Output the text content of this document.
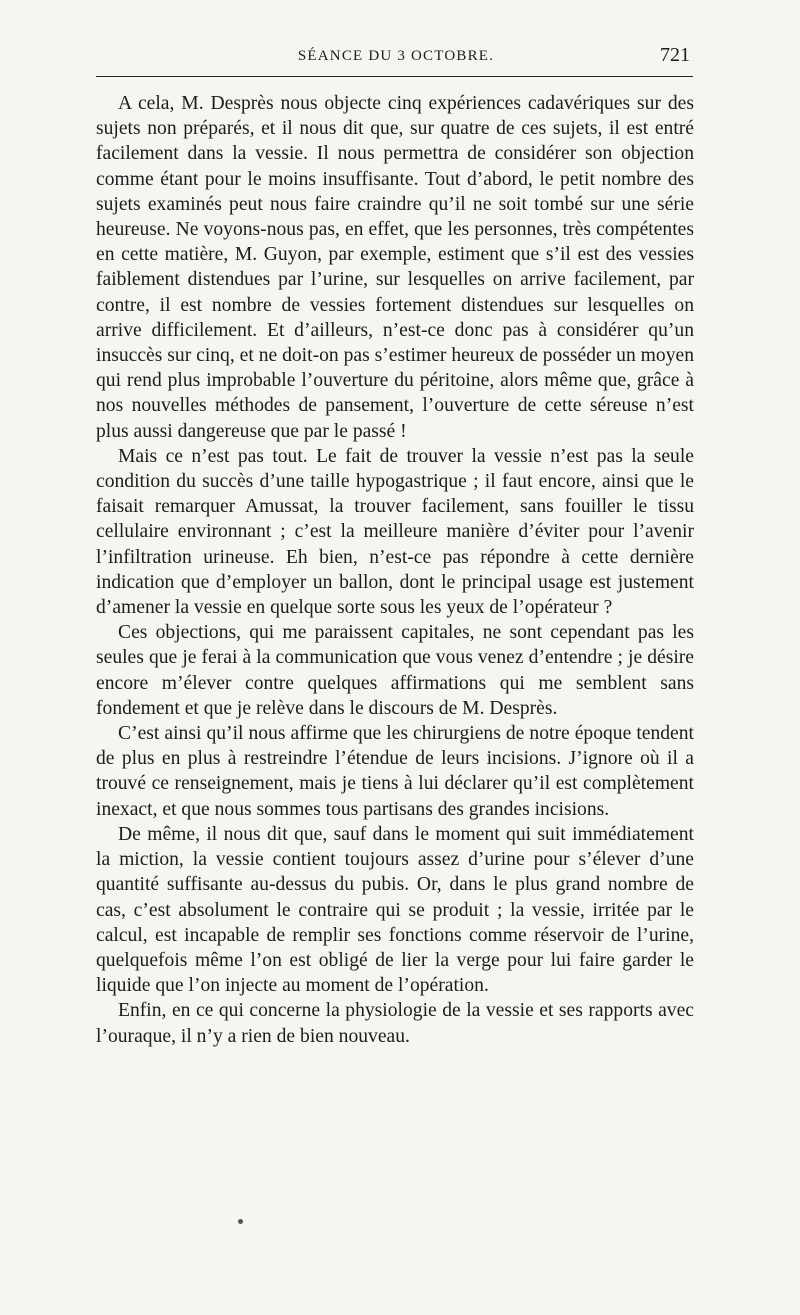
SÉANCE DU 3 OCTOBRE.	721

A cela, M. Desprès nous objecte cinq expériences cadavériques sur des sujets non préparés, et il nous dit que, sur quatre de ces sujets, il est entré facilement dans la vessie. Il nous permettra de considérer son objection comme étant pour le moins insuffisante. Tout d’abord, le petit nombre des sujets examinés peut nous faire craindre qu’il ne soit tombé sur une série heureuse. Ne voyons-nous pas, en effet, que les personnes, très compétentes en cette matière, M. Guyon, par exemple, estiment que s’il est des vessies faiblement distendues par l’urine, sur lesquelles on arrive facilement, par contre, il est nombre de vessies fortement distendues sur lesquelles on arrive difficilement. Et d’ailleurs, n’est-ce donc pas à considérer qu’un insuccès sur cinq, et ne doit-on pas s’estimer heureux de posséder un moyen qui rend plus improbable l’ouverture du péritoine, alors même que, grâce à nos nouvelles méthodes de pansement, l’ouverture de cette séreuse n’est plus aussi dangereuse que par le passé !

Mais ce n’est pas tout. Le fait de trouver la vessie n’est pas la seule condition du succès d’une taille hypogastrique ; il faut encore, ainsi que le faisait remarquer Amussat, la trouver facilement, sans fouiller le tissu cellulaire environnant ; c’est la meilleure manière d’éviter pour l’avenir l’infiltration urineuse. Eh bien, n’est-ce pas répondre à cette dernière indication que d’employer un ballon, dont le principal usage est justement d’amener la vessie en quelque sorte sous les yeux de l’opérateur ?

Ces objections, qui me paraissent capitales, ne sont cependant pas les seules que je ferai à la communication que vous venez d’entendre ; je désire encore m’élever contre quelques affirmations qui me semblent sans fondement et que je relève dans le discours de M. Desprès.

C’est ainsi qu’il nous affirme que les chirurgiens de notre époque tendent de plus en plus à restreindre l’étendue de leurs incisions. J’ignore où il a trouvé ce renseignement, mais je tiens à lui déclarer qu’il est complètement inexact, et que nous sommes tous partisans des grandes incisions.

De même, il nous dit que, sauf dans le moment qui suit immédiatement la miction, la vessie contient toujours assez d’urine pour s’élever d’une quantité suffisante au-dessus du pubis. Or, dans le plus grand nombre de cas, c’est absolument le contraire qui se produit ; la vessie, irritée par le calcul, est incapable de remplir ses fonctions comme réservoir de l’urine, quelquefois même l’on est obligé de lier la verge pour lui faire garder le liquide que l’on injecte au moment de l’opération.

Enfin, en ce qui concerne la physiologie de la vessie et ses rapports avec l’ouraque, il n’y a rien de bien nouveau.
